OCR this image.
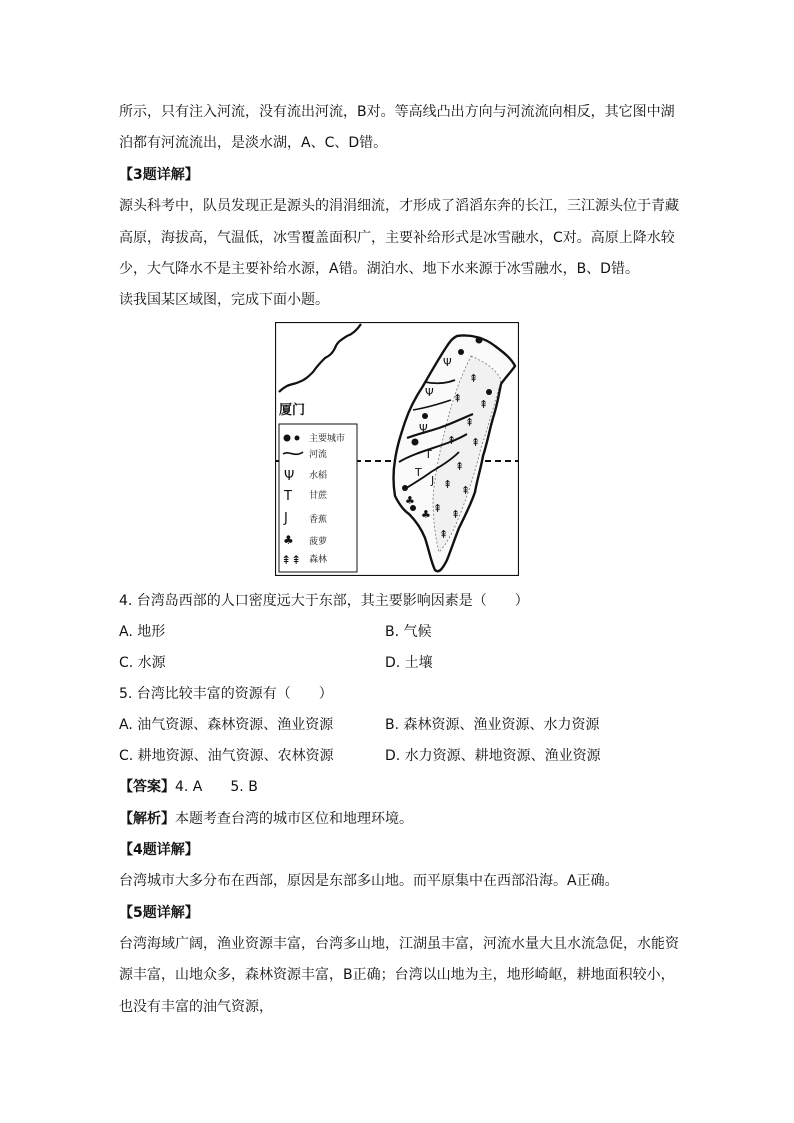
所示，只有注入河流，没有流出河流，B对。等高线凸出方向与河流流向相反，其它图中湖
泊都有河流流出，是淡水湖，A、C、D错。
【3题详解】
源头科考中，队员发现正是源头的涓涓细流，才形成了滔滔东奔的长江，三江源头位于青藏
高原，海拔高，气温低，冰雪覆盖面积广，主要补给形式是冰雪融水，C对。高原上降水较
少，大气降水不是主要补给水源，A错。湖泊水、地下水来源于冰雪融水，B、D错。
读我国某区域图，完成下面小题。
厦门
⇞
⇞ ⇞
⇞
⇞ ⇞
⇞
⇞ ⇞
⇞ ⇞
⇞
Ψ
Ψ
Ψ
T
T
J
♣
♣
主要城市
河流
Ψ 水稻
T 甘蔗
J 香蕉
♣ 菠萝
⇞⇞ 森林
4. 台湾岛西部的人口密度远大于东部，其主要影响因素是（　　）
A. 地形	B. 气候
C. 水源	D. 土壤
5. 台湾比较丰富的资源有（　　）
A. 油气资源、森林资源、渔业资源	B. 森林资源、渔业资源、水力资源
C. 耕地资源、油气资源、农林资源	D. 水力资源、耕地资源、渔业资源
【答案】4. A　　5. B
【解析】本题考查台湾的城市区位和地理环境。
【4题详解】
台湾城市大多分布在西部，原因是东部多山地。而平原集中在西部沿海。A正确。
【5题详解】
台湾海域广阔，渔业资源丰富，台湾多山地，江湖虽丰富，河流水量大且水流急促，水能资
源丰富，山地众多，森林资源丰富，B正确；台湾以山地为主，地形崎岖，耕地面积较小，
也没有丰富的油气资源，
